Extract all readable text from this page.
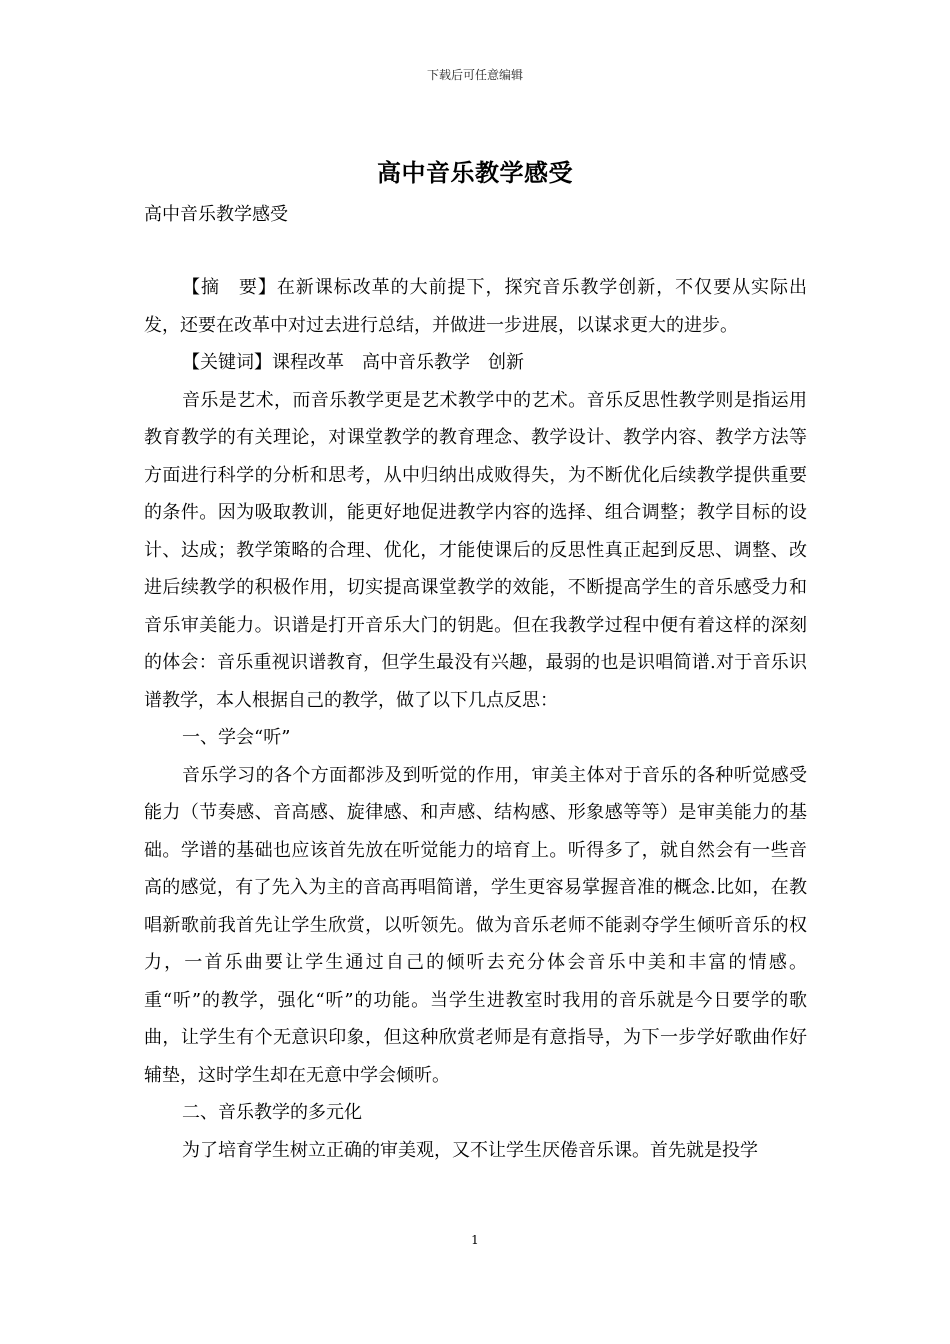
下载后可任意编辑
高中音乐教学感受
高中音乐教学感受

【摘　要】在新课标改革的大前提下，探究音乐教学创新，不仅要从实际出发，还要在改革中对过去进行总结，并做进一步进展，以谋求更大的进步。

【关键词】课程改革　高中音乐教学　创新

音乐是艺术，而音乐教学更是艺术教学中的艺术。音乐反思性教学则是指运用教育教学的有关理论，对课堂教学的教育理念、教学设计、教学内容、教学方法等方面进行科学的分析和思考，从中归纳出成败得失，为不断优化后续教学提供重要的条件。因为吸取教训，能更好地促进教学内容的选择、组合调整；教学目标的设计、达成；教学策略的合理、优化，才能使课后的反思性真正起到反思、调整、改进后续教学的积极作用，切实提高课堂教学的效能，不断提高学生的音乐感受力和音乐审美能力。识谱是打开音乐大门的钥匙。但在我教学过程中便有着这样的深刻的体会：音乐重视识谱教育，但学生最没有兴趣，最弱的也是识唱简谱.对于音乐识谱教学，本人根据自己的教学，做了以下几点反思：

一、学会“听”

音乐学习的各个方面都涉及到听觉的作用，审美主体对于音乐的各种听觉感受能力（节奏感、音高感、旋律感、和声感、结构感、形象感等等）是审美能力的基础。学谱的基础也应该首先放在听觉能力的培育上。听得多了，就自然会有一些音高的感觉，有了先入为主的音高再唱简谱，学生更容易掌握音准的概念.比如，在教唱新歌前我首先让学生欣赏，以听领先。做为音乐老师不能剥夺学生倾听音乐的权力，一首乐曲要让学生通过自己的倾听去充分体会音乐中美和丰富的情感。重“听”的教学，强化“听”的功能。当学生进教室时我用的音乐就是今日要学的歌曲，让学生有个无意识印象，但这种欣赏老师是有意指导，为下一步学好歌曲作好辅垫，这时学生却在无意中学会倾听。

二、音乐教学的多元化

为了培育学生树立正确的审美观，又不让学生厌倦音乐课。首先就是投学

1
